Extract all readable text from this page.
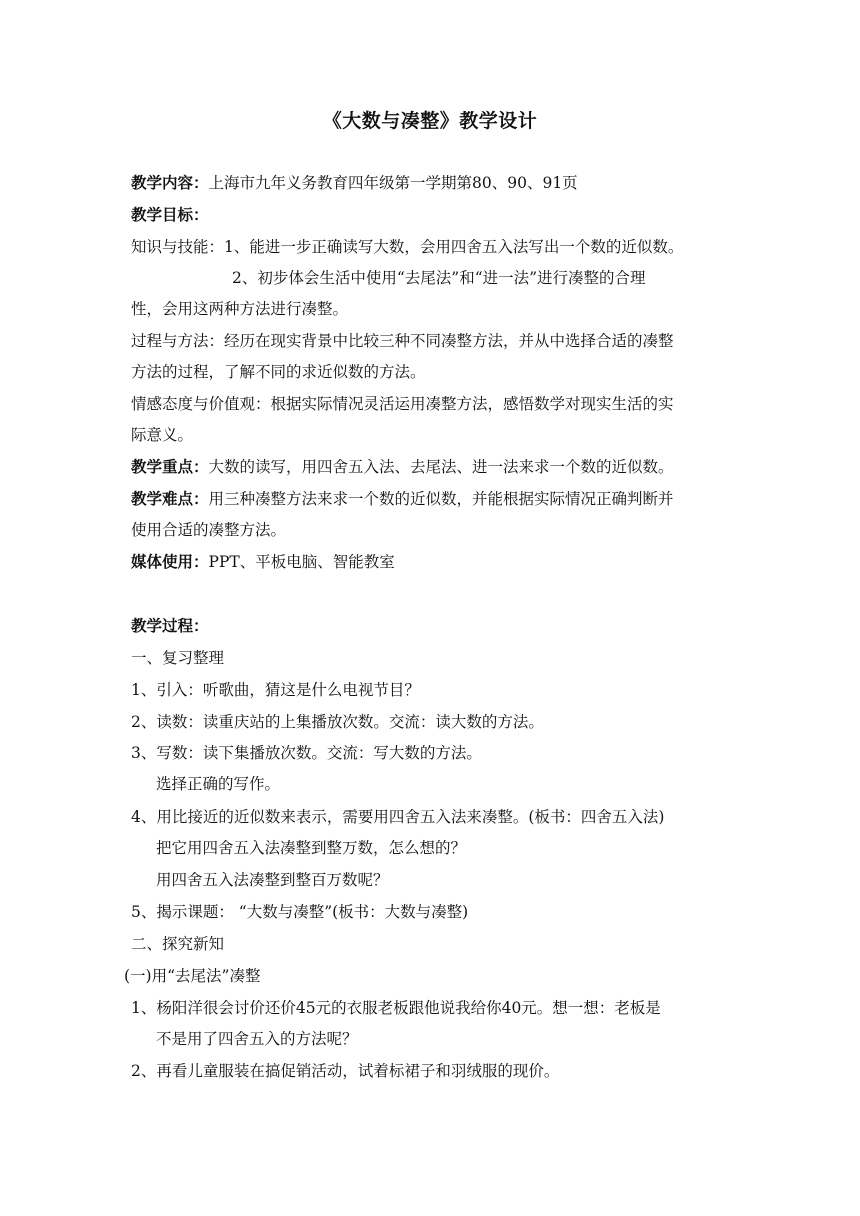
《大数与凑整》教学设计
教学内容：上海市九年义务教育四年级第一学期第80、90、91页
教学目标：
知识与技能：1、能进一步正确读写大数，会用四舍五入法写出一个数的近似数。
2、初步体会生活中使用“去尾法”和“进一法”进行凑整的合理
性，会用这两种方法进行凑整。
过程与方法：经历在现实背景中比较三种不同凑整方法，并从中选择合适的凑整
方法的过程，了解不同的求近似数的方法。
情感态度与价值观：根据实际情况灵活运用凑整方法，感悟数学对现实生活的实
际意义。
教学重点：大数的读写，用四舍五入法、去尾法、进一法来求一个数的近似数。
教学难点：用三种凑整方法来求一个数的近似数，并能根据实际情况正确判断并
使用合适的凑整方法。
媒体使用：PPT、平板电脑、智能教室
教学过程：
一、复习整理
1、引入：听歌曲，猜这是什么电视节目？
2、读数：读重庆站的上集播放次数。交流：读大数的方法。
3、写数：读下集播放次数。交流：写大数的方法。
选择正确的写作。
4、用比接近的近似数来表示，需要用四舍五入法来凑整。(板书：四舍五入法)
把它用四舍五入法凑整到整万数，怎么想的？
用四舍五入法凑整到整百万数呢？
5、揭示课题： “大数与凑整”(板书：大数与凑整)
二、探究新知
(一)用“去尾法”凑整
1、杨阳洋很会讨价还价45元的衣服老板跟他说我给你40元。想一想：老板是
不是用了四舍五入的方法呢？
2、再看儿童服装在搞促销活动，试着标裙子和羽绒服的现价。
